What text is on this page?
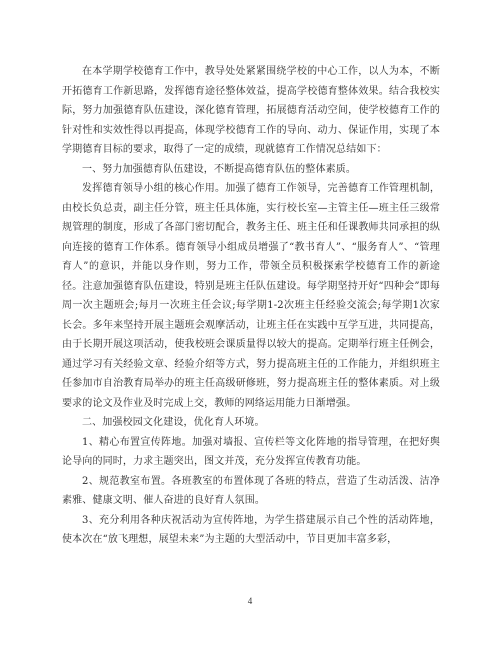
在本学期学校德育工作中，教导处处紧紧围绕学校的中心工作，以人为本，不断开拓德育工作新思路，发挥德育途径整体效益，提高学校德育整体效果。结合我校实际，努力加强德育队伍建设，深化德育管理，拓展德育活动空间，使学校德育工作的针对性和实效性得以再提高，体现学校德育工作的导向、动力、保证作用，实现了本学期德育目标的要求，取得了一定的成绩，现就德育工作情况总结如下：

一、努力加强德育队伍建设，不断提高德育队伍的整体素质。

发挥德育领导小组的核心作用。加强了德育工作领导，完善德育工作管理机制，由校长负总责，副主任分管，班主任具体施，实行校长室—主管主任—班主任三级常规管理的制度，形成了各部门密切配合，教务主任、班主任和任课教师共同承担的纵向连接的德育工作体系。德育领导小组成员增强了“教书育人”、“服务育人”、“管理育人”的意识，并能以身作则，努力工作，带领全员积极探索学校德育工作的新途径。注意加强德育队伍建设，特别是班主任队伍建设。每学期坚持开好“四种会”即每周一次主题班会;每月一次班主任会议;每学期1-2次班主任经验交流会;每学期1次家长会。多年来坚持开展主题班会观摩活动，让班主任在实践中互学互进，共同提高，由于长期开展这项活动，使我校班会课质量得以较大的提高。定期举行班主任例会，通过学习有关经验文章、经验介绍等方式，努力提高班主任的工作能力，并组织班主任参加市自治教育局举办的班主任高级研修班，努力提高班主任的整体素质。对上级要求的论文及作业及时完成上交，教师的网络运用能力日渐增强。

二、加强校园文化建设，优化育人环境。

1、精心布置宣传阵地。加强对墙报、宣传栏等文化阵地的指导管理，在把好舆论导向的同时，力求主题突出，图文并茂，充分发挥宣传教育功能。

2、规范教室布置。各班教室的布置体现了各班的特点，营造了生动活泼、洁净素雅、健康文明、催人奋进的良好育人氛围。

3、充分利用各种庆祝活动为宣传阵地，为学生搭建展示自己个性的活动阵地，使本次在“放飞理想，展望未来”为主题的大型活动中，节目更加丰富多彩，

4
